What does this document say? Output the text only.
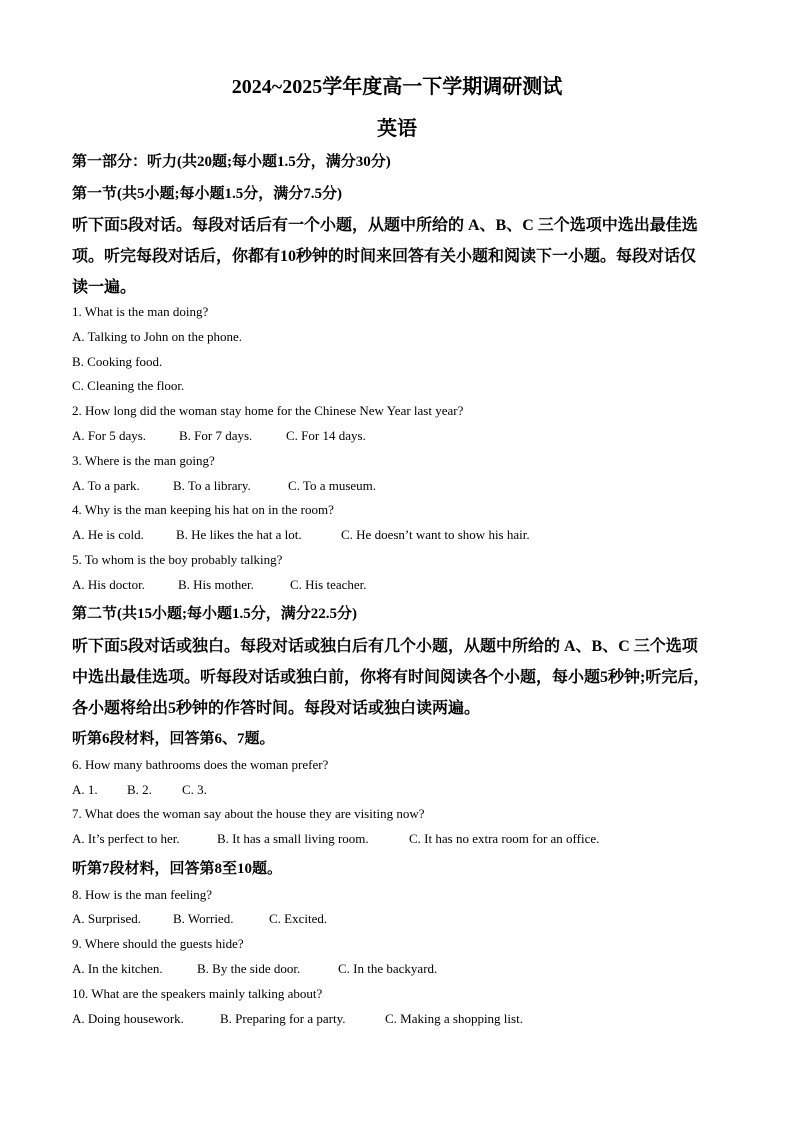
2024~2025学年度高一下学期调研测试
英语
第一部分：听力(共20题;每小题1.5分，满分30分)
第一节(共5小题;每小题1.5分，满分7.5分)
听下面5段对话。每段对话后有一个小题，从题中所给的 A、B、C 三个选项中选出最佳选
项。听完每段对话后，你都有10秒钟的时间来回答有关小题和阅读下一小题。每段对话仅
读一遍。
1. What is the man doing?
A. Talking to John on the phone.
B. Cooking food.
C. Cleaning the floor.
2. How long did the woman stay home for the Chinese New Year last year?
A. For 5 days.	B. For 7 days.	C. For 14 days.
3. Where is the man going?
A. To a park.	B. To a library.	C. To a museum.
4. Why is the man keeping his hat on in the room?
A. He is cold. B. He likes the hat a lot.	C. He doesn’t want to show his hair.
5. To whom is the boy probably talking?
A. His doctor.	B. His mother.	C. His teacher.
第二节(共15小题;每小题1.5分，满分22.5分)
听下面5段对话或独白。每段对话或独白后有几个小题，从题中所给的 A、B、C 三个选项
中选出最佳选项。听每段对话或独白前，你将有时间阅读各个小题，每小题5秒钟;听完后，
各小题将给出5秒钟的作答时间。每段对话或独白读两遍。
听第6段材料，回答第6、7题。
6. How many bathrooms does the woman prefer?
A. 1. B. 2. C. 3.
7. What does the woman say about the house they are visiting now?
A. It’s perfect to her.	B. It has a small living room.	C. It has no extra room for an office.
听第7段材料，回答第8至10题。
8. How is the man feeling?
A. Surprised. B. Worried.	C. Excited.
9. Where should the guests hide?
A. In the kitchen.	B. By the side door.	C. In the backyard.
10. What are the speakers mainly talking about?
A. Doing housework.	B. Preparing for a party.	C. Making a shopping list.
